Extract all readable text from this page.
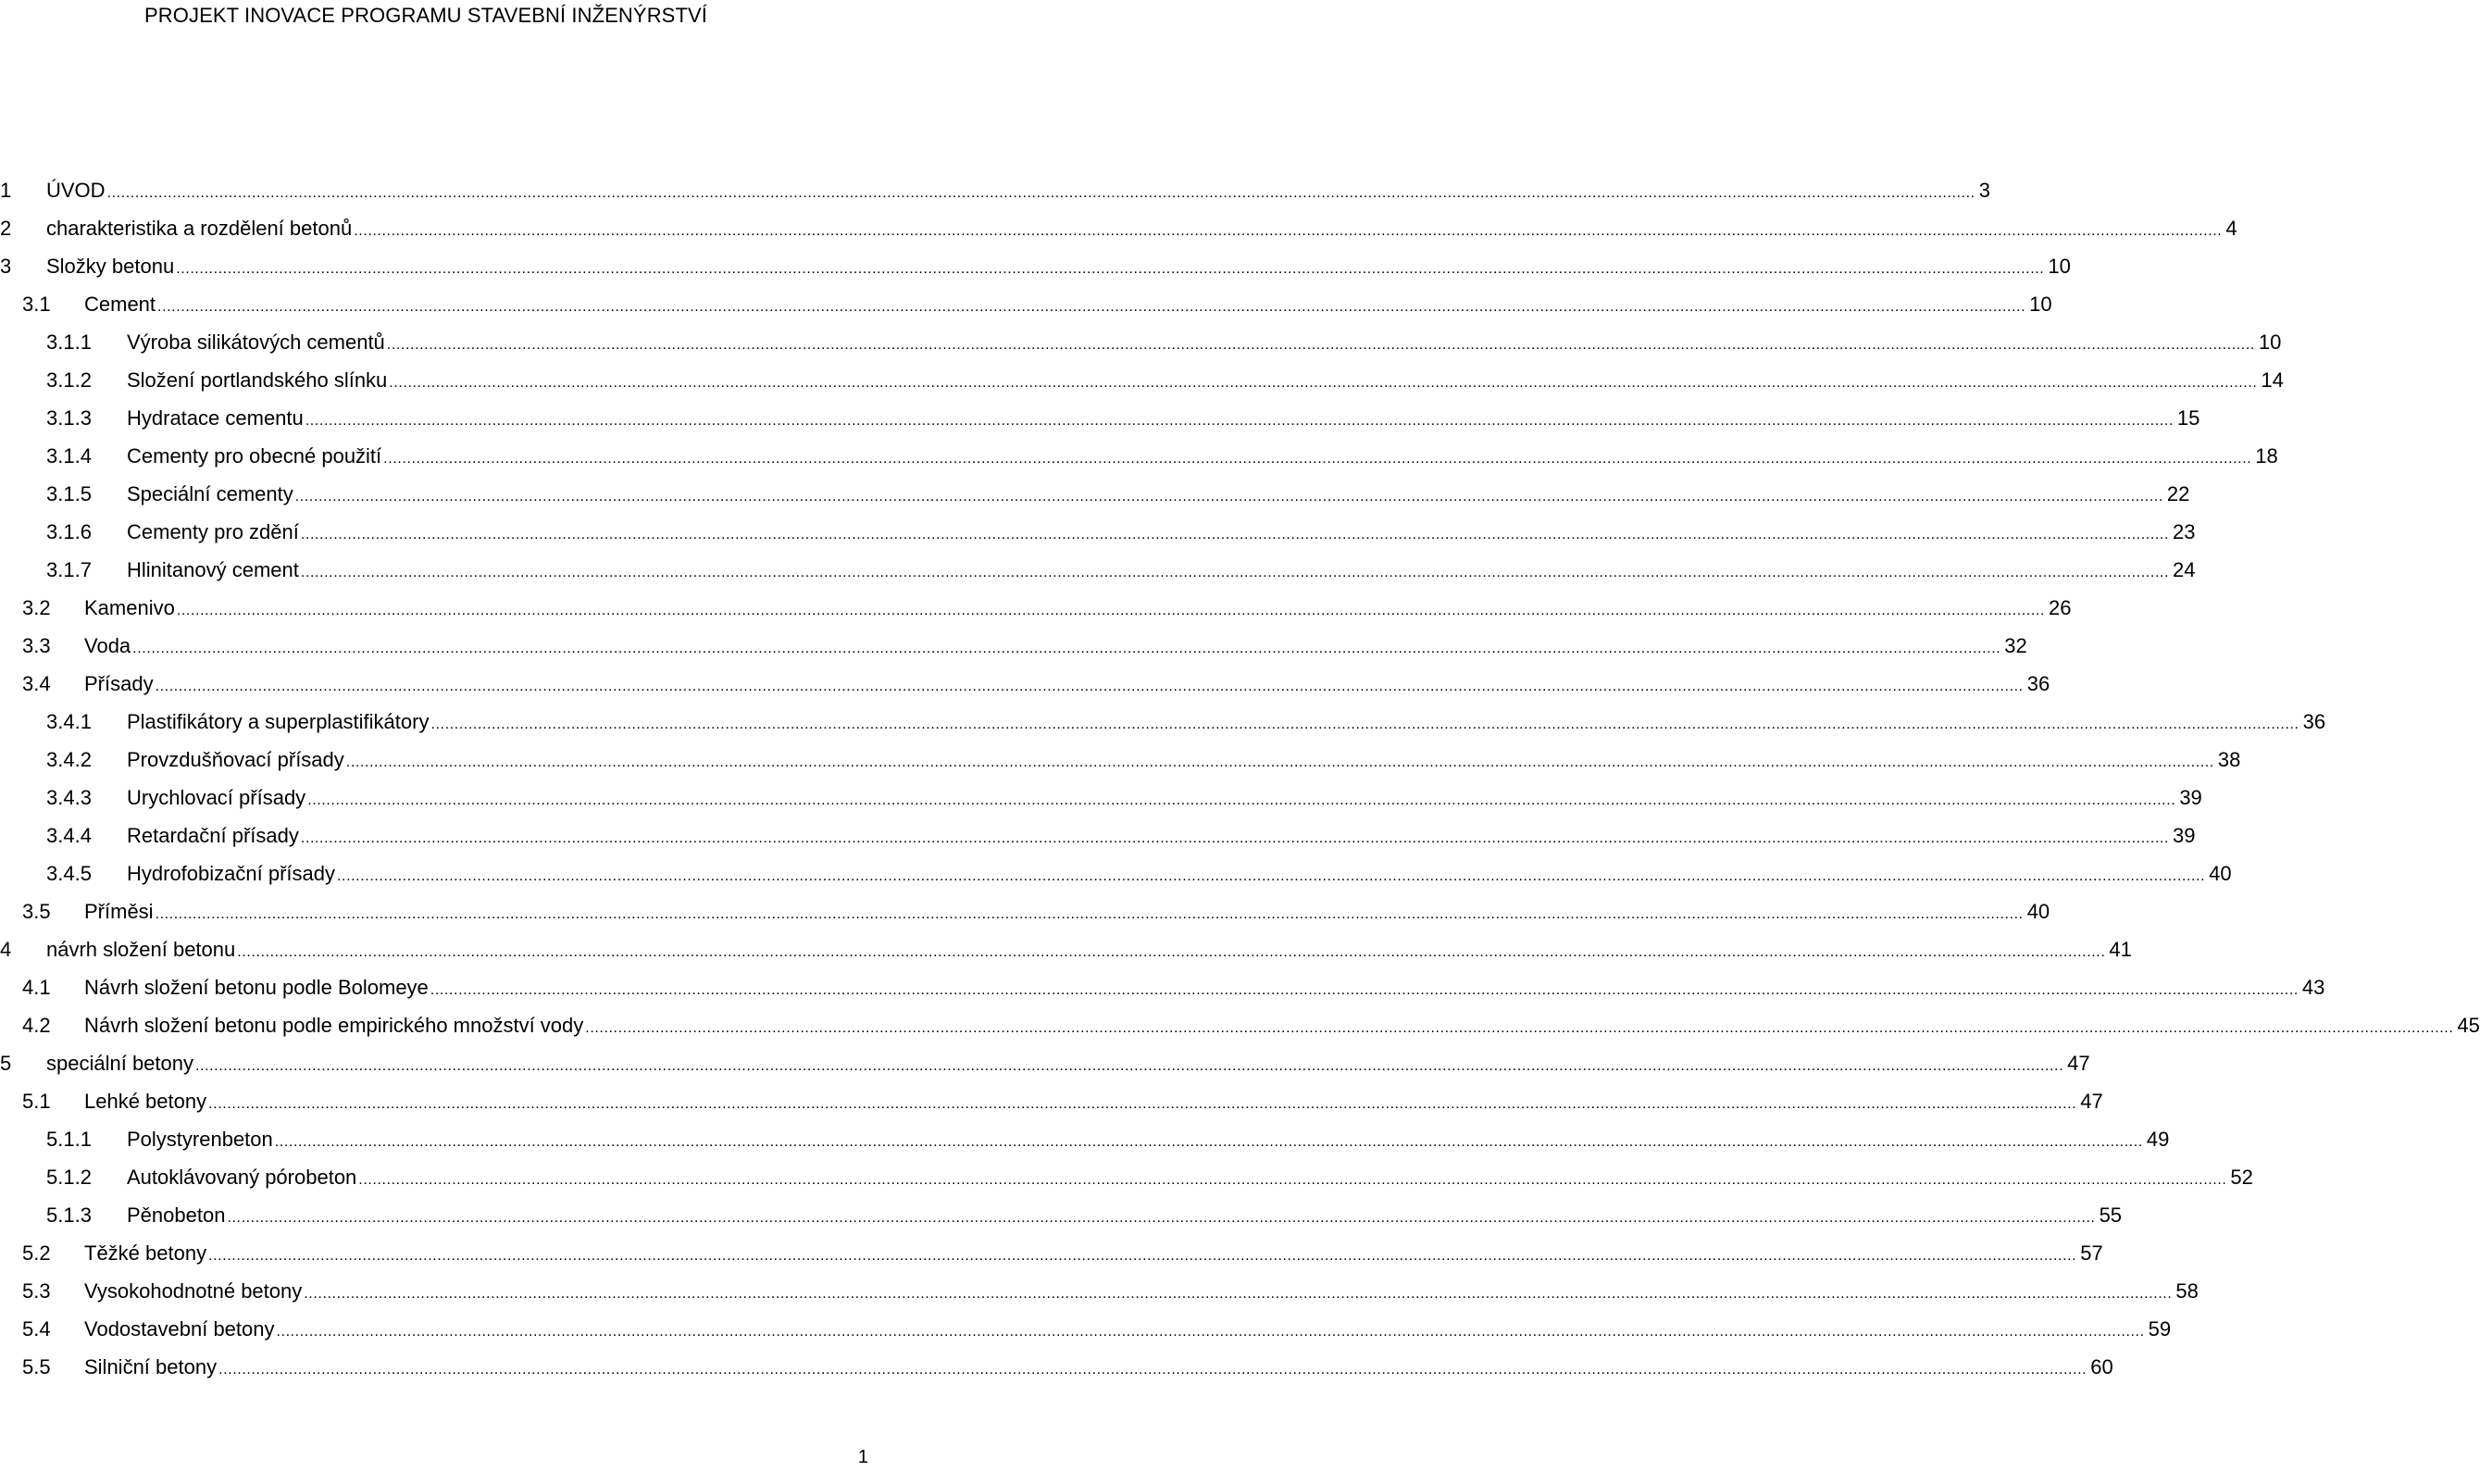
PROJEKT INOVACE PROGRAMU STAVEBNÍ INŽENÝRSTVÍ
1 ÚVOD ................................................................................................................................................................................................................................................................................................................................................................................................................ 3
2 charakteristika a rozdělení betonů ................................................................................................................................................................................................................................................................................................................................................................................................................ 4
3 Složky betonu ................................................................................................................................................................................................................................................................................................................................................................................................................ 10
3.1 Cement ................................................................................................................................................................................................................................................................................................................................................................................................................ 10
3.1.1 Výroba silikátových cementů ................................................................................................................................................................................................................................................................................................................................................................................................................ 10
3.1.2 Složení portlandského slínku ................................................................................................................................................................................................................................................................................................................................................................................................................ 14
3.1.3 Hydratace cementu ................................................................................................................................................................................................................................................................................................................................................................................................................ 15
3.1.4 Cementy pro obecné použití ................................................................................................................................................................................................................................................................................................................................................................................................................ 18
3.1.5 Speciální cementy ................................................................................................................................................................................................................................................................................................................................................................................................................ 22
3.1.6 Cementy pro zdění ................................................................................................................................................................................................................................................................................................................................................................................................................ 23
3.1.7 Hlinitanový cement ................................................................................................................................................................................................................................................................................................................................................................................................................ 24
3.2 Kamenivo ................................................................................................................................................................................................................................................................................................................................................................................................................ 26
3.3 Voda ................................................................................................................................................................................................................................................................................................................................................................................................................ 32
3.4 Přísady ................................................................................................................................................................................................................................................................................................................................................................................................................ 36
3.4.1 Plastifikátory a superplastifikátory ................................................................................................................................................................................................................................................................................................................................................................................................................ 36
3.4.2 Provzdušňovací přísady ................................................................................................................................................................................................................................................................................................................................................................................................................ 38
3.4.3 Urychlovací přísady ................................................................................................................................................................................................................................................................................................................................................................................................................ 39
3.4.4 Retardační přísady ................................................................................................................................................................................................................................................................................................................................................................................................................ 39
3.4.5 Hydrofobizační přísady ................................................................................................................................................................................................................................................................................................................................................................................................................ 40
3.5 Příměsi ................................................................................................................................................................................................................................................................................................................................................................................................................ 40
4 návrh složení betonu ................................................................................................................................................................................................................................................................................................................................................................................................................ 41
4.1 Návrh složení betonu podle Bolomeye ................................................................................................................................................................................................................................................................................................................................................................................................................ 43
4.2 Návrh složení betonu podle empirického množství vody ................................................................................................................................................................................................................................................................................................................................................................................................................ 45
5 speciální betony ................................................................................................................................................................................................................................................................................................................................................................................................................ 47
5.1 Lehké betony ................................................................................................................................................................................................................................................................................................................................................................................................................ 47
5.1.1 Polystyrenbeton ................................................................................................................................................................................................................................................................................................................................................................................................................ 49
5.1.2 Autoklávovaný pórobeton ................................................................................................................................................................................................................................................................................................................................................................................................................ 52
5.1.3 Pěnobeton ................................................................................................................................................................................................................................................................................................................................................................................................................ 55
5.2 Těžké betony ................................................................................................................................................................................................................................................................................................................................................................................................................ 57
5.3 Vysokohodnotné betony ................................................................................................................................................................................................................................................................................................................................................................................................................ 58
5.4 Vodostavební betony ................................................................................................................................................................................................................................................................................................................................................................................................................ 59
5.5 Silniční betony ................................................................................................................................................................................................................................................................................................................................................................................................................ 60
1
